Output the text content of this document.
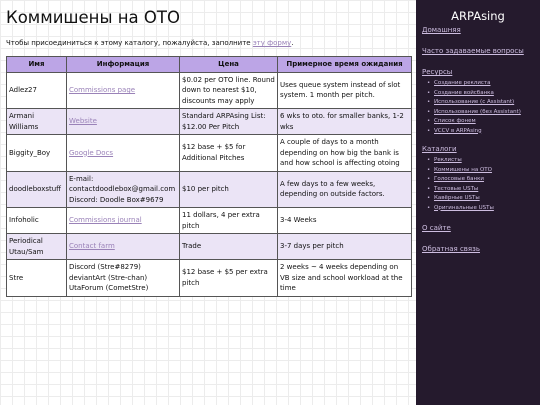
Коммишены на ОТО

Чтобы присоединиться к этому каталогу, пожалуйста, заполните эту форму.

Имя	Информация	Цена	Примерное время ожидания
Adlez27	Commissions page	$0.02 per OTO line. Round down to nearest $10, discounts may apply	Uses queue system instead of slot system. 1 month per pitch.
Armani Williams	Website	Standard ARPAsing List: $12.00 Per Pitch	6 wks to oto. for smaller banks, 1-2 wks
Biggity_Boy	Google Docs	$12 base + $5 for Additional Pitches	A couple of days to a month depending on how big the bank is and how school is affecting otoing
doodleboxstuff	E-mail: contactdoodlebox@gmail.com Discord: Doodle Box#9679	$10 per pitch	A few days to a few weeks, depending on outside factors.
Infoholic	Commissions journal	11 dollars, 4 per extra pitch	3-4 Weeks
Periodical Utau/Sam	Contact farm	Trade	3-7 days per pitch
Stre	Discord (Stre#8279) deviantArt (Stre-chan) UtaForum (CometStre)	$12 base + $5 per extra pitch	2 weeks ~ 4 weeks depending on VB size and school workload at the time
ARPAsing
Домашняя
Часто задаваемые вопросы
Ресурсы
• Создание реклиста
• Создание войсбанка
• Использование (с Assistant)
• Использование (без Assistant)
• Список фонем
• VCCV в ARPAsing
Каталоги
• Реклисты
• Коммишены на ОТО
• Голосовые банки
• Тестовые USTы
• Кавёрные USTы
• Оригинальные USTы
О сайте
Обратная связь
